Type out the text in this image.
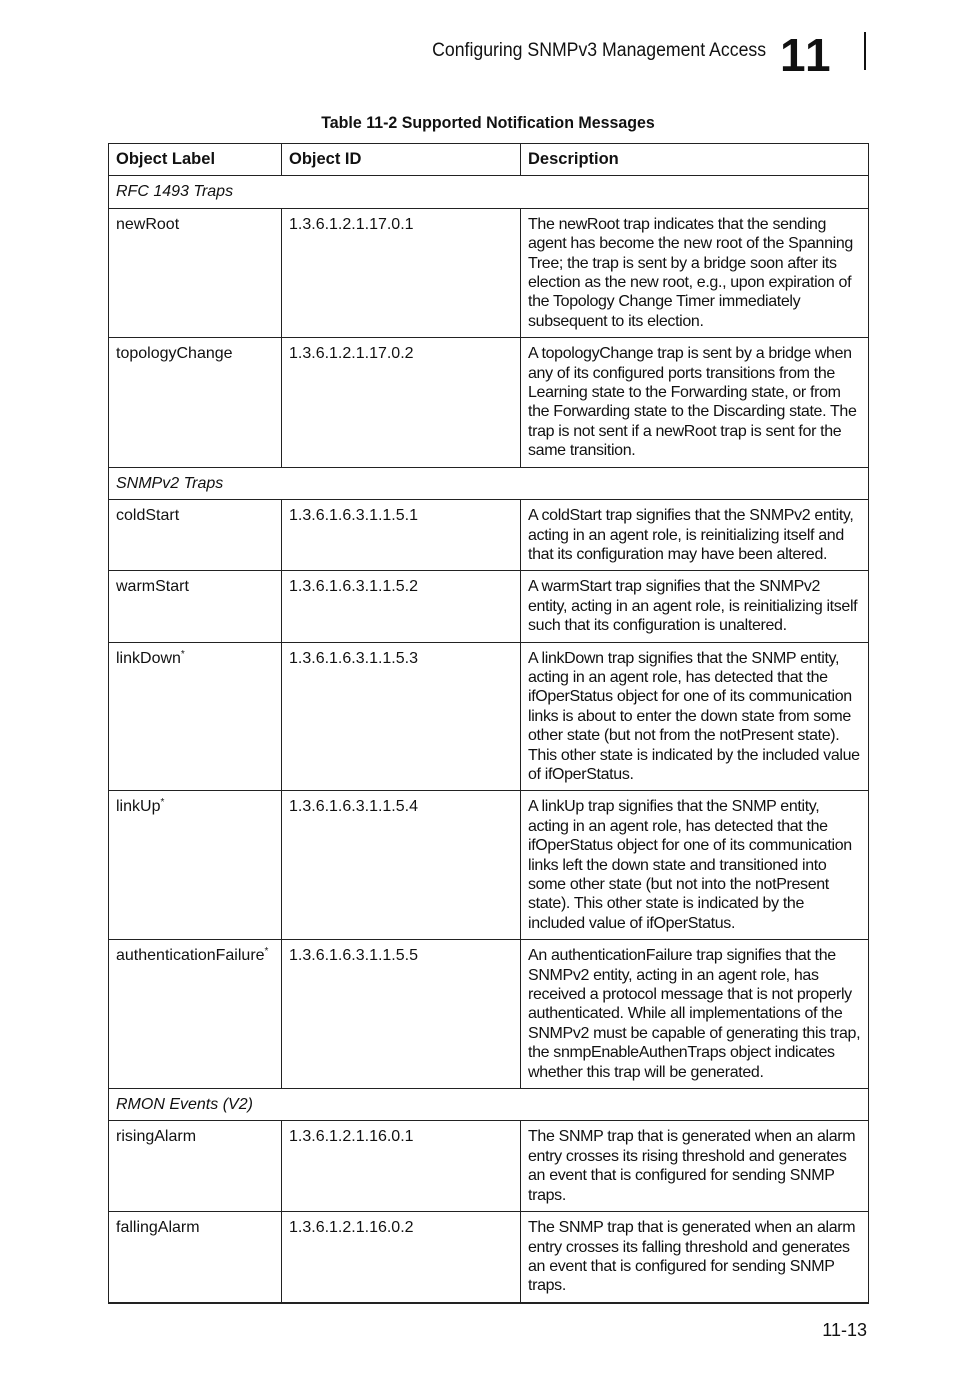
Configuring SNMPv3 Management Access 11
Table 11-2 Supported Notification Messages
Object Label	Object ID	Description
RFC 1493 Traps		
newRoot	1.3.6.1.2.1.17.0.1	The newRoot trap indicates that the sending agent has become the new root of the Spanning Tree; the trap is sent by a bridge soon after its election as the new root, e.g., upon expiration of the Topology Change Timer immediately subsequent to its election.
topologyChange	1.3.6.1.2.1.17.0.2	A topologyChange trap is sent by a bridge when any of its configured ports transitions from the Learning state to the Forwarding state, or from the Forwarding state to the Discarding state. The trap is not sent if a newRoot trap is sent for the same transition.
SNMPv2 Traps		
coldStart	1.3.6.1.6.3.1.1.5.1	A coldStart trap signifies that the SNMPv2 entity, acting in an agent role, is reinitializing itself and that its configuration may have been altered.
warmStart	1.3.6.1.6.3.1.1.5.2	A warmStart trap signifies that the SNMPv2 entity, acting in an agent role, is reinitializing itself such that its configuration is unaltered.
linkDown*	1.3.6.1.6.3.1.1.5.3	A linkDown trap signifies that the SNMP entity, acting in an agent role, has detected that the ifOperStatus object for one of its communication links is about to enter the down state from some other state (but not from the notPresent state). This other state is indicated by the included value of ifOperStatus.
linkUp*	1.3.6.1.6.3.1.1.5.4	A linkUp trap signifies that the SNMP entity, acting in an agent role, has detected that the ifOperStatus object for one of its communication links left the down state and transitioned into some other state (but not into the notPresent state). This other state is indicated by the included value of ifOperStatus.
authenticationFailure*	1.3.6.1.6.3.1.1.5.5	An authenticationFailure trap signifies that the SNMPv2 entity, acting in an agent role, has received a protocol message that is not properly authenticated. While all implementations of the SNMPv2 must be capable of generating this trap, the snmpEnableAuthenTraps object indicates whether this trap will be generated.
RMON Events (V2)		
risingAlarm	1.3.6.1.2.1.16.0.1	The SNMP trap that is generated when an alarm entry crosses its rising threshold and generates an event that is configured for sending SNMP traps.
fallingAlarm	1.3.6.1.2.1.16.0.2	The SNMP trap that is generated when an alarm entry crosses its falling threshold and generates an event that is configured for sending SNMP traps.
11-13
